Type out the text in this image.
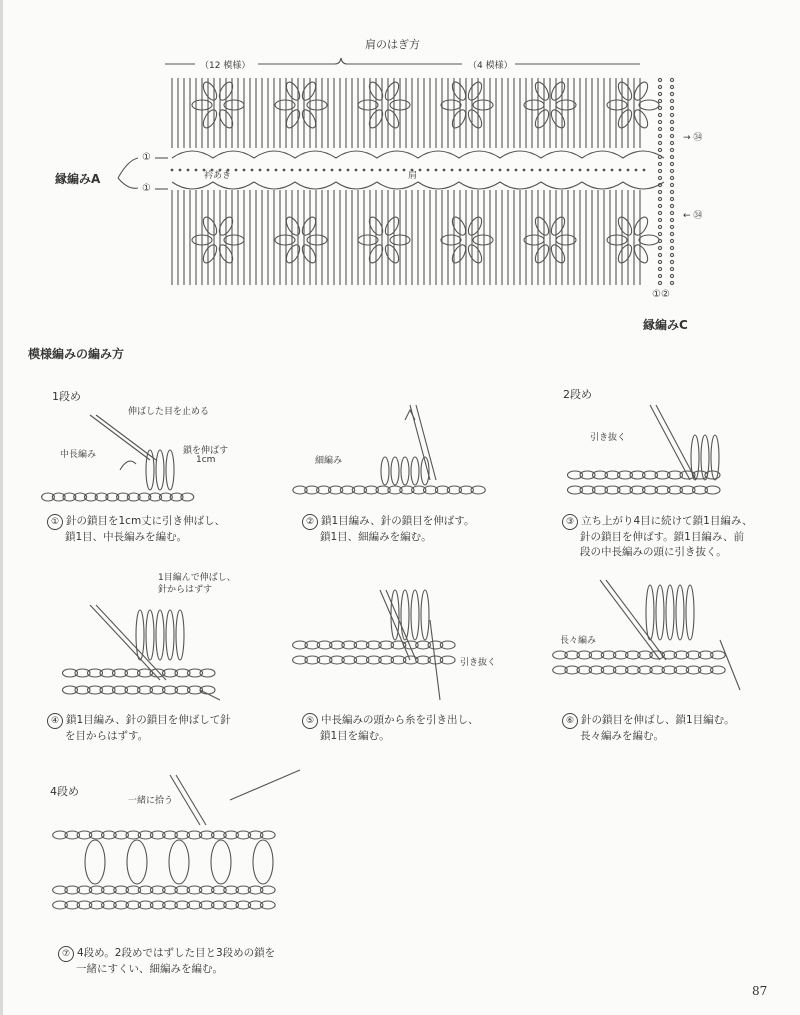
肩のはぎ方
（12 模様）	（4 模様）
縁編みA
①
①
衿あき	肩
→ ㉞
← ㉞
①②
縁編みC
模様編みの編み方
1段め	2段め
4段め
伸ばした目を止める
中長編み	鎖を伸ばす
1cm	細編み
引き抜く
1目編んで伸ばし、
針からはずす
引き抜く
長々編み
一緒に拾う
① 針の鎖目を1cm丈に引き伸ばし、
鎖1目、中長編みを編む。
② 鎖1目編み、針の鎖目を伸ばす。
鎖1目、細編みを編む。
③ 立ち上がり4目に続けて鎖1目編み、
針の鎖目を伸ばす。鎖1目編み、前
段の中長編みの頭に引き抜く。
④ 鎖1目編み、針の鎖目を伸ばして針
を目からはずす。
⑤ 中長編みの頭から糸を引き出し、
鎖1目を編む。
⑥ 針の鎖目を伸ばし、鎖1目編む。
長々編みを編む。
⑦ 4段め。2段めではずした目と3段めの鎖を
一緒にすくい、細編みを編む。
87
